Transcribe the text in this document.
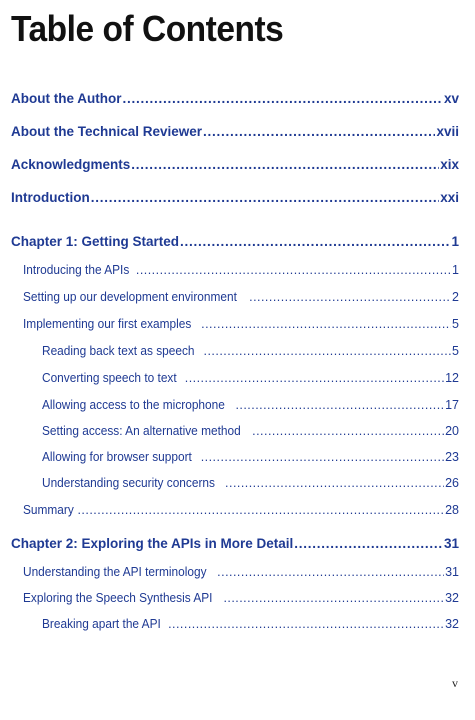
Table of Contents
About the Author . . .	xv
About the Technical Reviewer . . .	xvii
Acknowledgments . . .	xix
Introduction . . .	xxi
Chapter 1: Getting Started . . .	1
Introducing the APIs . . .	1
Setting up our development environment . . .	2
Implementing our first examples . . .	5
Reading back text as speech . . .	5
Converting speech to text . . .	12
Allowing access to the microphone . . .	17
Setting access: An alternative method . . .	20
Allowing for browser support . . .	23
Understanding security concerns . . .	26
Summary . . .	28
Chapter 2: Exploring the APIs in More Detail . . .	31
Understanding the API terminology . . .	31
Exploring the Speech Synthesis API . . .	32
Breaking apart the API . . .	32
v
